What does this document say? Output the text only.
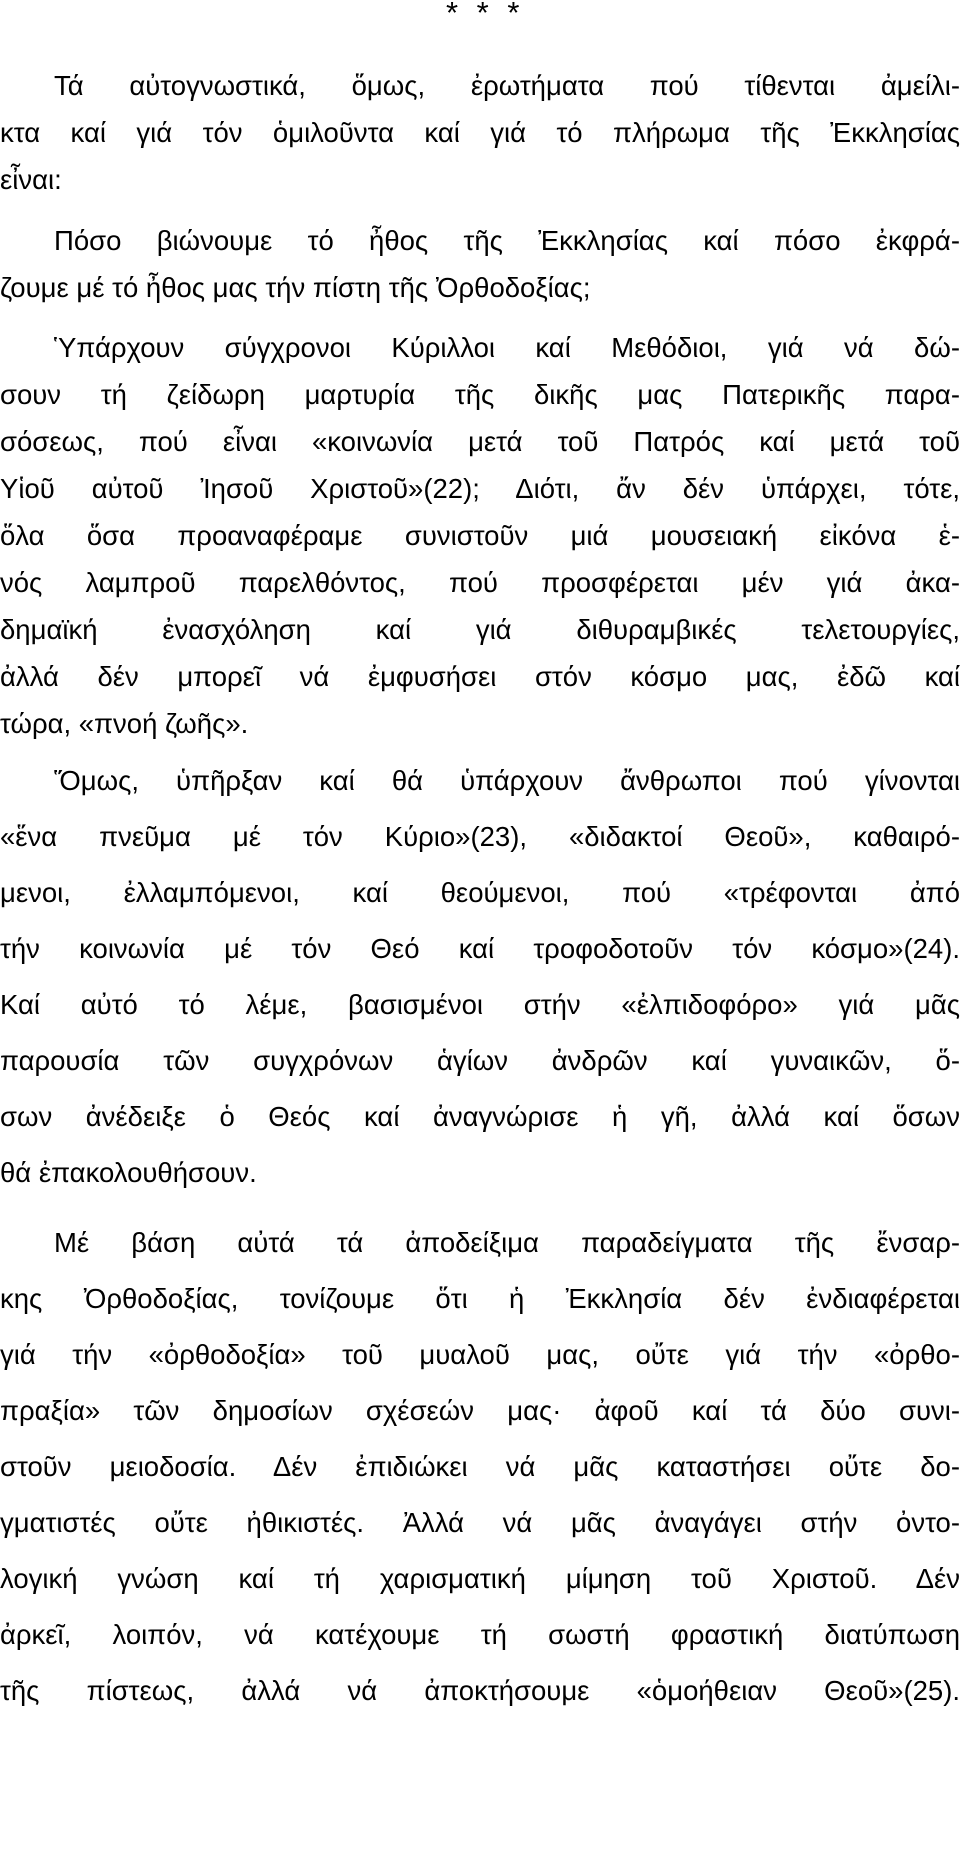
* * *
Τά αὐτογνωστικά, ὅμως, ἐρωτήματα πού τίθενται ἀμείλι-
κτα καί γιά τόν ὁμιλοῦντα καί γιά τό πλήρωμα τῆς Ἐκκλησίας
εἶναι:
Πόσο βιώνουμε τό ἦθος τῆς Ἐκκλησίας καί πόσο ἐκφρά-
ζουμε μέ τό ἦθος μας τήν πίστη τῆς Ὀρθοδοξίας;
Ὑπάρχουν σύγχρονοι Κύριλλοι καί Μεθόδιοι, γιά νά δώ-
σουν τή ζείδωρη μαρτυρία τῆς δικῆς μας Πατερικῆς παρα-
σόσεως, πού εἶναι «κοινωνία μετά τοῦ Πατρός καί μετά τοῦ
Υἱοῦ αὐτοῦ Ἰησοῦ Χριστοῦ»(22); Διότι, ἄν δέν ὑπάρχει, τότε,
ὅλα ὅσα προαναφέραμε συνιστοῦν μιά μουσειακή εἰκόνα ἑ-
νός λαμπροῦ παρελθόντος, πού προσφέρεται μέν γιά ἀκα-
δημαϊκή ἐνασχόληση καί γιά διθυραμβικές τελετουργίες,
ἀλλά δέν μπορεῖ νά ἐμφυσήσει στόν κόσμο μας, ἐδῶ καί
τώρα, «πνοή ζωῆς».
Ὅμως, ὑπῆρξαν καί θά ὑπάρχουν ἄνθρωποι πού γίνονται
«ἕνα πνεῦμα μέ τόν Κύριο»(23), «διδακτοί Θεοῦ», καθαιρό-
μενοι, ἐλλαμπόμενοι, καί θεούμενοι, πού «τρέφονται ἀπό
τήν κοινωνία μέ τόν Θεό καί τροφοδοτοῦν τόν κόσμο»(24).
Καί αὐτό τό λέμε, βασισμένοι στήν «ἐλπιδοφόρο» γιά μᾶς
παρουσία τῶν συγχρόνων ἁγίων ἀνδρῶν καί γυναικῶν, ὅ-
σων ἀνέδειξε ὁ Θεός καί ἀναγνώρισε ἡ γῆ, ἀλλά καί ὅσων
θά ἐπακολουθήσουν.
Μέ βάση αὐτά τά ἀποδείξιμα παραδείγματα τῆς ἔνσαρ-
κης Ὀρθοδοξίας, τονίζουμε ὅτι ἡ Ἐκκλησία δέν ἐνδιαφέρεται
γιά τήν «ὀρθοδοξία» τοῦ μυαλοῦ μας, οὔτε γιά τήν «ὀρθο-
πραξία» τῶν δημοσίων σχέσεών μας· ἀφοῦ καί τά δύο συνι-
στοῦν μειοδοσία. Δέν ἐπιδιώκει νά μᾶς καταστήσει οὔτε δο-
γματιστές οὔτε ἠθικιστές. Ἀλλά νά μᾶς ἀναγάγει στήν ὀντο-
λογική γνώση καί τή χαρισματική μίμηση τοῦ Χριστοῦ. Δέν
ἀρκεῖ, λοιπόν, νά κατέχουμε τή σωστή φραστική διατύπωση
τῆς πίστεως, ἀλλά νά ἀποκτήσουμε «ὁμοήθειαν Θεοῦ»(25).
